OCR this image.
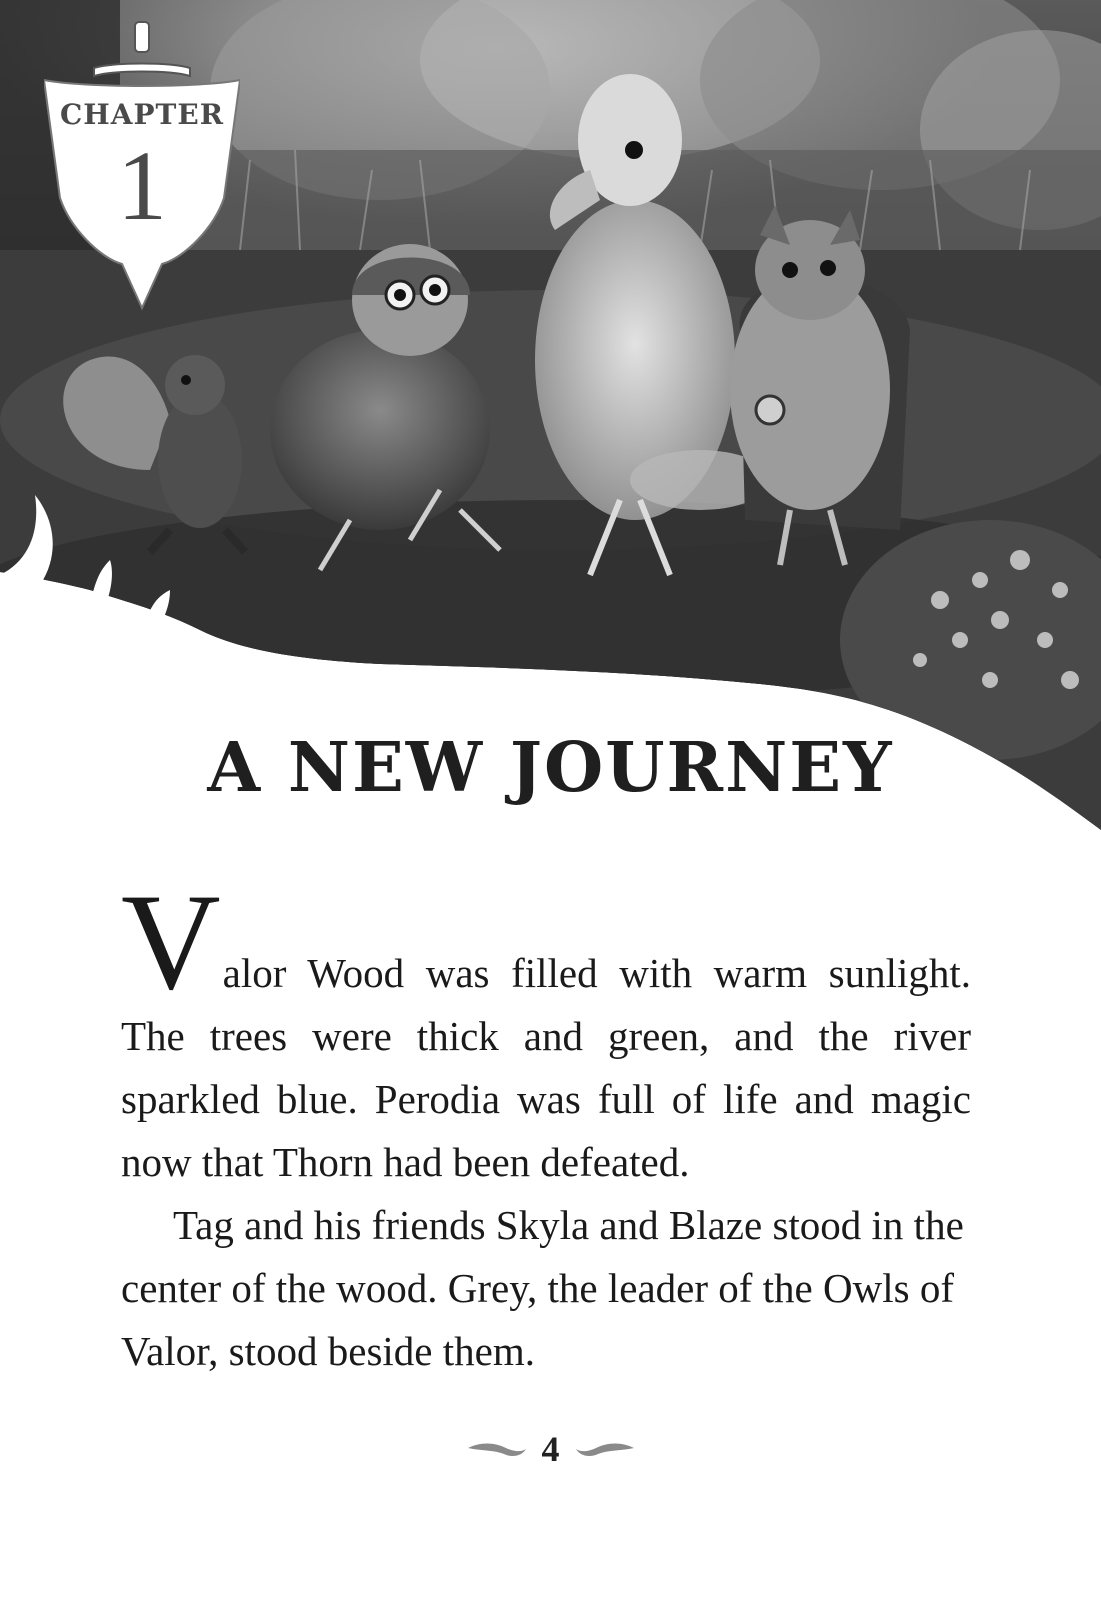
CHAPTER
1
A NEW JOURNEY

Valor Wood was filled with warm sunlight. The trees were thick and green, and the river sparkled blue. Perodia was full of life and magic now that Thorn had been defeated.

Tag and his friends Skyla and Blaze stood in the center of the wood. Grey, the leader of the Owls of Valor, stood beside them.

4
